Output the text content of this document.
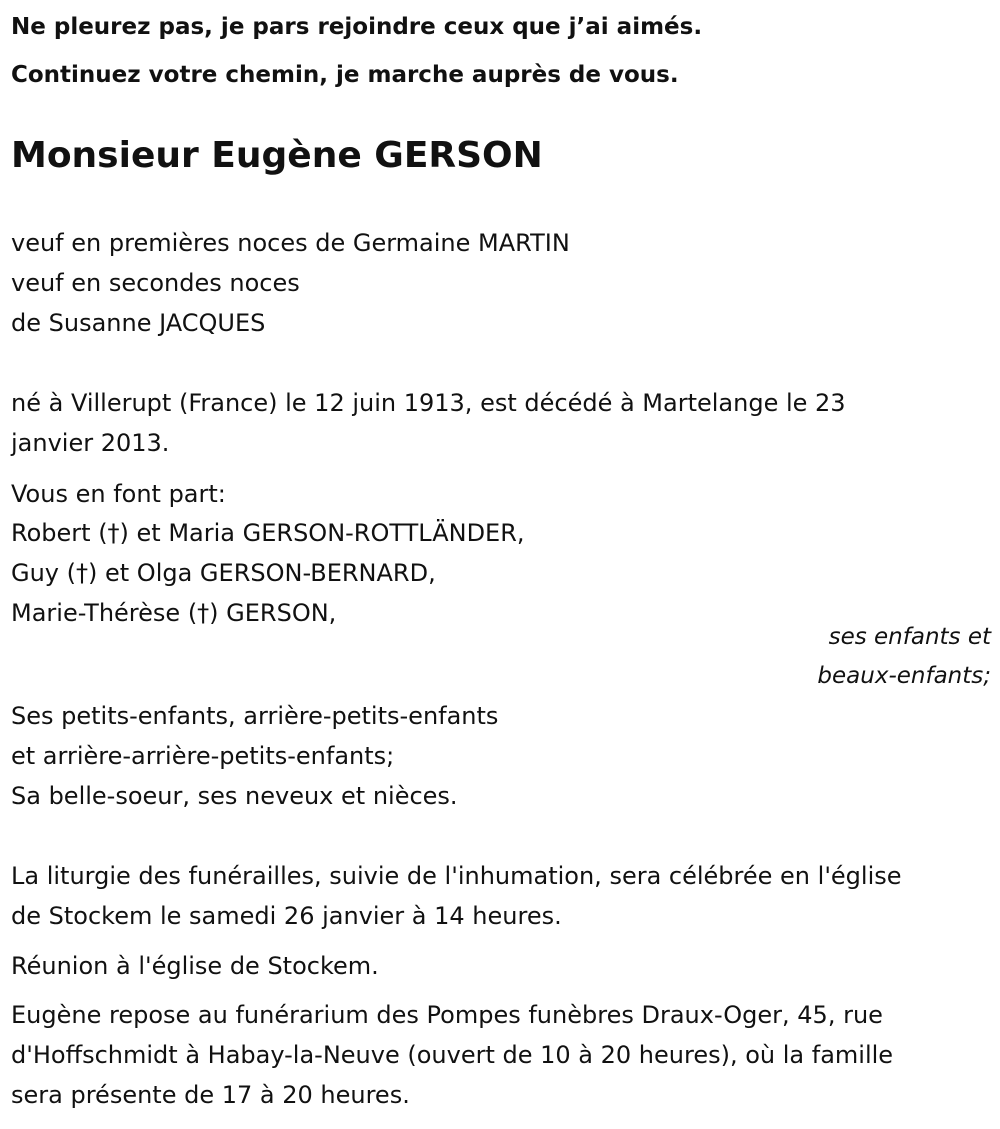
Ne pleurez pas, je pars rejoindre ceux que j’ai aimés.
Continuez votre chemin, je marche auprès de vous.
Monsieur Eugène GERSON
veuf en premières noces de Germaine MARTIN
veuf en secondes noces
de Susanne JACQUES
né à Villerupt (France) le 12 juin 1913, est décédé à Martelange le 23
janvier 2013.
Vous en font part:
Robert (†) et Maria GERSON-ROTTLÄNDER,
Guy (†) et Olga GERSON-BERNARD,
Marie-Thérèse (†) GERSON,
ses enfants et
beaux-enfants;
Ses petits-enfants, arrière-petits-enfants
et arrière-arrière-petits-enfants;
Sa belle-soeur, ses neveux et nièces.
La liturgie des funérailles, suivie de l'inhumation, sera célébrée en l'église
de Stockem le samedi 26 janvier à 14 heures.
Réunion à l'église de Stockem.
Eugène repose au funérarium des Pompes funèbres Draux-Oger, 45, rue
d'Hoffschmidt à Habay-la-Neuve (ouvert de 10 à 20 heures), où la famille
sera présente de 17 à 20 heures.
